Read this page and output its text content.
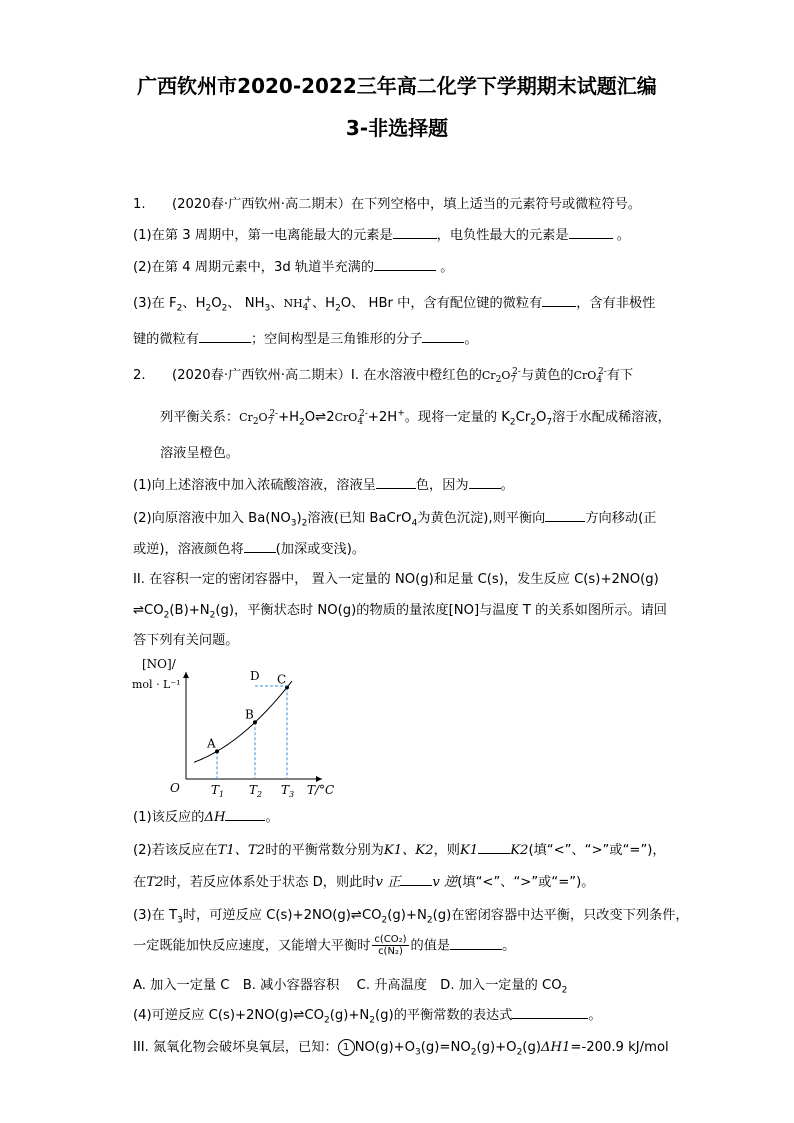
广西钦州市2020-2022三年高二化学下学期期末试题汇编
3-非选择题
1.　　(2020春·广西钦州·高二期末）在下列空格中，填上适当的元素符号或微粒符号。
(1)在第 3 周期中，第一电离能最大的元素是	，电负性最大的元素是	。
(2)在第 4 周期元素中，3d 轨道半充满的	。
(3)在 $F_2$、$H_2O_2$、 $NH_3$、$NH_4^+$、$H_2O$、 HBr 中，含有配位键的微粒有	，含有非极性
键的微粒有	；空间构型是三角锥形的分子	。
2.　　(2020春·广西钦州·高二期末）Ⅰ. 在水溶液中橙红色的$Cr_2O_7^{2-}$与黄色的CrO$_4^{2-}$有下
列平衡关系：$Cr_2O_7^{2-}+H_2O\rightleftharpoons 2CrO_4^{2-}+2H^+$。现将一定量的 $K_2Cr_2O_7$溶于水配成稀溶液，
溶液呈橙色。
(1)向上述溶液中加入浓硫酸溶液，溶液呈	色，因为 。
(2)向原溶液中加入 $Ba(NO_3)_2$溶液(已知 BaCrO$_4$为黄色沉淀),则平衡向	方向移动(正
或逆)，溶液颜色将 (加深或变浅)。
II. 在容积一定的密闭容器中， 置入一定量的 NO(g)和足量 C(s)，发生反应 C(s)+2NO(g)
$\rightleftharpoons CO_2(B)+N_2(g)$，平衡状态时 NO(g)的物质的量浓度[NO]与温度 T 的关系如图所示。请回
答下列有关问题。
[NO]/
mol · L⁻¹
O	T/°C
$T_1$ $T_2$ $T_3$
A
B
C
D
(1)该反应的ΔH	。
(2)若该反应在T1、T2时的平衡常数分别为K1、K2，则K1 K2(填“<”、“>”或“=”)，
在T2时，若反应体系处于状态 D，则此时v 正 v 逆(填“<”、“>”或“=”)。
(3)在 $T_3$时，可逆反应 $C(s)+2NO(g)\rightleftharpoons CO_2(g)+N_2(g)$在密闭容器中达平衡，只改变下列条件，
一定既能加快反应速度，又能增大平衡时 $\frac{\text{c(CO₂)}}{\text{c(N₂)}}$ 的值是	。
A. 加入一定量 C　B. 减小容器容积　 C. 升高温度　D. 加入一定量的 $CO_2$
(4)可逆反应 $C(s)+2NO(g)\rightleftharpoons CO_2(g)+N_2(g)$的平衡常数的表达式	。
III. 氮氧化物会破坏臭氧层，已知： 1 $NO(g)+O_3(g)=NO_2(g)+O_2(g)\Delta H1=-200.9$ kJ/mol
